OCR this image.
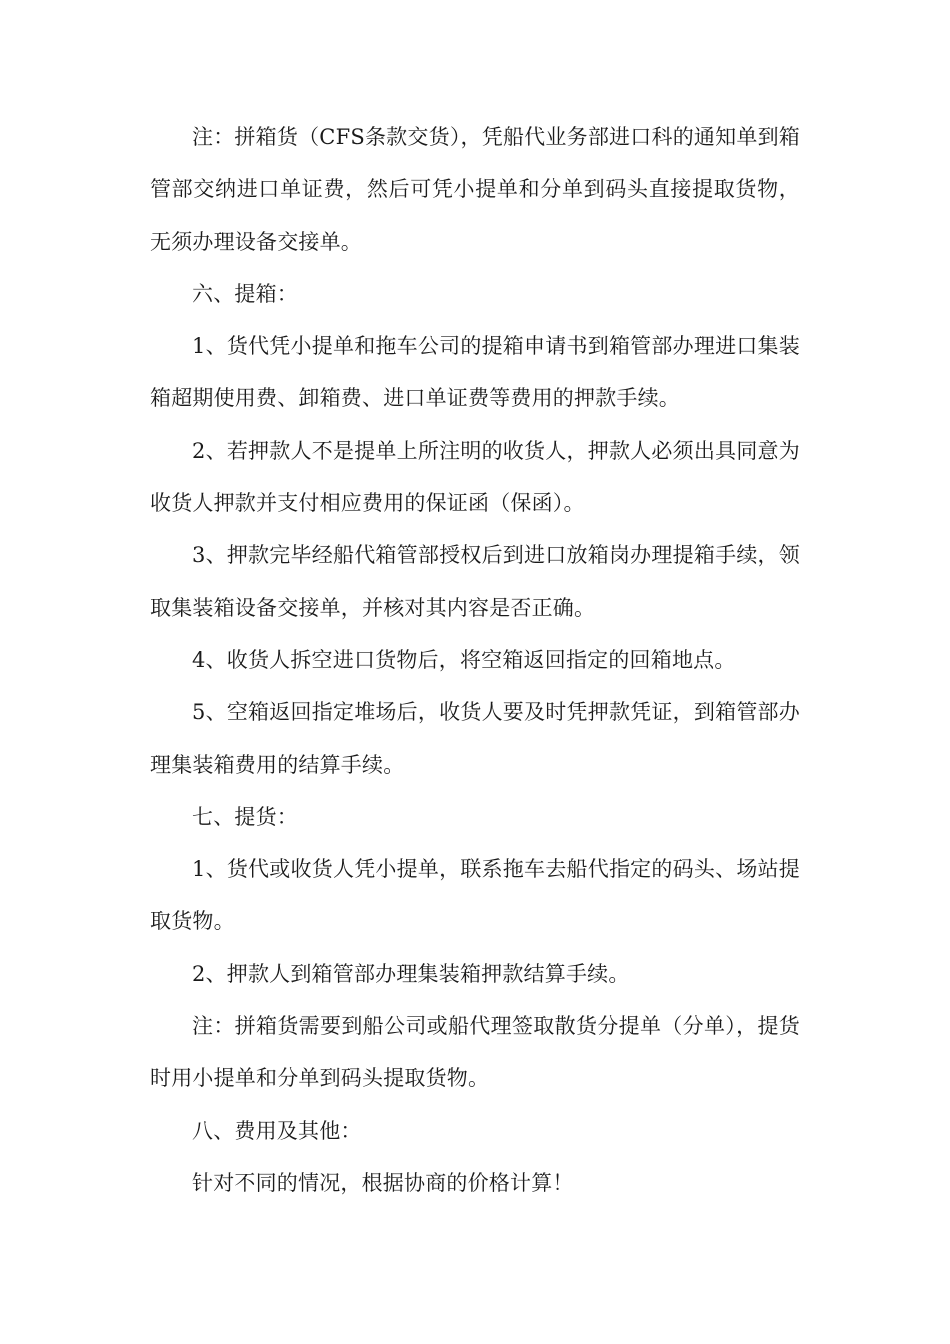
注：拼箱货（CFS条款交货），凭船代业务部进口科的通知单到箱管部交纳进口单证费，然后可凭小提单和分单到码头直接提取货物，无须办理设备交接单。

六、提箱：

1、货代凭小提单和拖车公司的提箱申请书到箱管部办理进口集装箱超期使用费、卸箱费、进口单证费等费用的押款手续。

2、若押款人不是提单上所注明的收货人，押款人必须出具同意为收货人押款并支付相应费用的保证函（保函）。

3、押款完毕经船代箱管部授权后到进口放箱岗办理提箱手续，领取集装箱设备交接单，并核对其内容是否正确。

4、收货人拆空进口货物后，将空箱返回指定的回箱地点。

5、空箱返回指定堆场后，收货人要及时凭押款凭证，到箱管部办理集装箱费用的结算手续。

七、提货：

1、货代或收货人凭小提单，联系拖车去船代指定的码头、场站提取货物。

2、押款人到箱管部办理集装箱押款结算手续。

注：拼箱货需要到船公司或船代理签取散货分提单（分单），提货时用小提单和分单到码头提取货物。

八、费用及其他：

针对不同的情况，根据协商的价格计算！
